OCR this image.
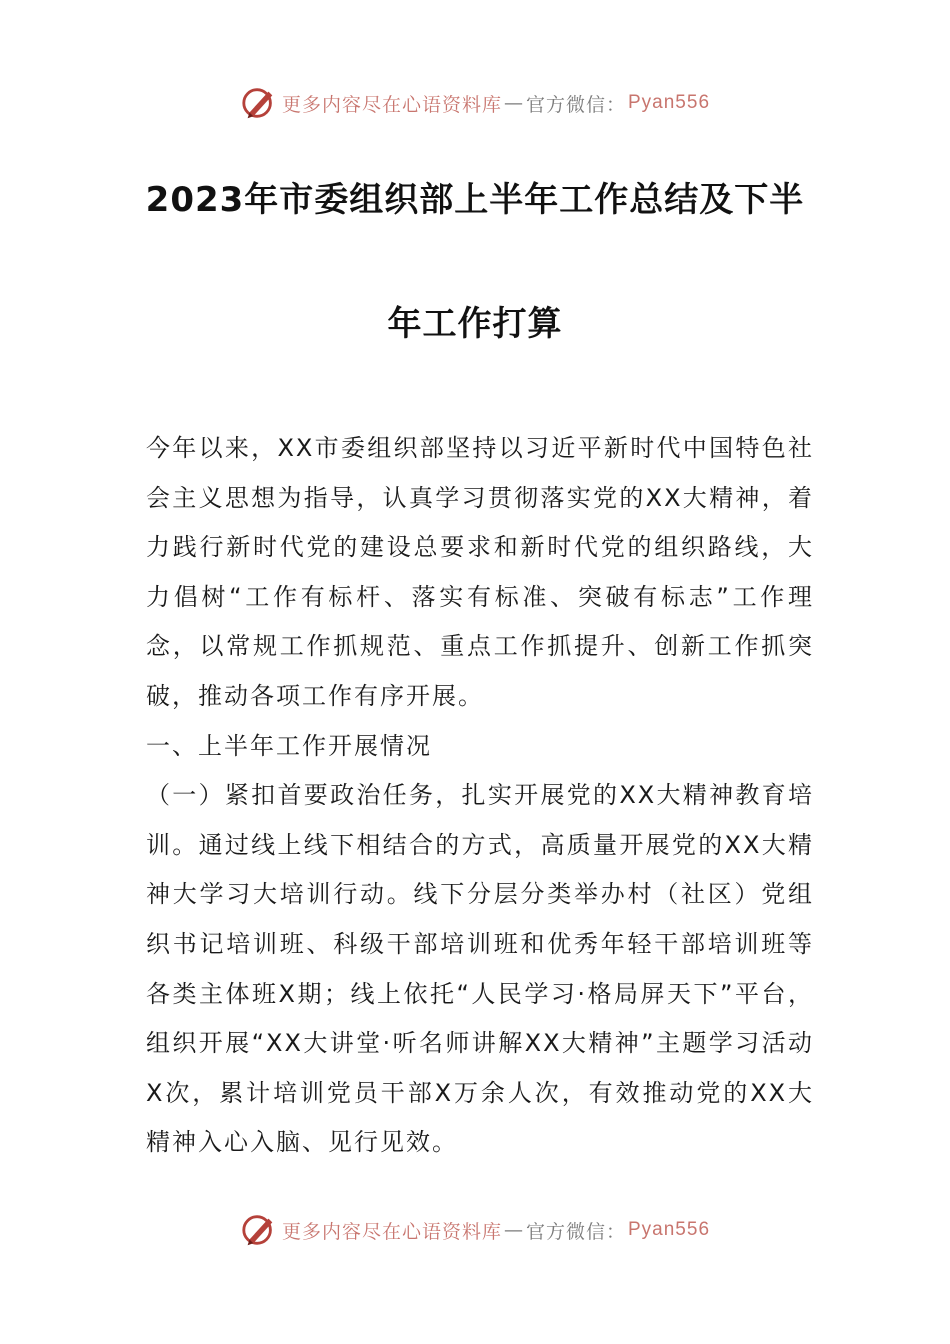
更多内容尽在心语资料库 — 官方微信： Pyan556
2023年市委组织部上半年工作总结及下半
年工作打算

今年以来，XX市委组织部坚持以习近平新时代中国特色社会主义思想为指导，认真学习贯彻落实党的XX大精神，着力践行新时代党的建设总要求和新时代党的组织路线，大力倡树“工作有标杆、落实有标准、突破有标志”工作理念，以常规工作抓规范、重点工作抓提升、创新工作抓突破，推动各项工作有序开展。

一、上半年工作开展情况

（一）紧扣首要政治任务，扎实开展党的XX大精神教育培训。通过线上线下相结合的方式，高质量开展党的XX大精神大学习大培训行动。线下分层分类举办村（社区）党组织书记培训班、科级干部培训班和优秀年轻干部培训班等各类主体班X期；线上依托“人民学习·格局屏天下”平台，组织开展“XX大讲堂·听名师讲解XX大精神”主题学习活动X次，累计培训党员干部X万余人次，有效推动党的XX大精神入心入脑、见行见效。

更多内容尽在心语资料库 — 官方微信： Pyan556
